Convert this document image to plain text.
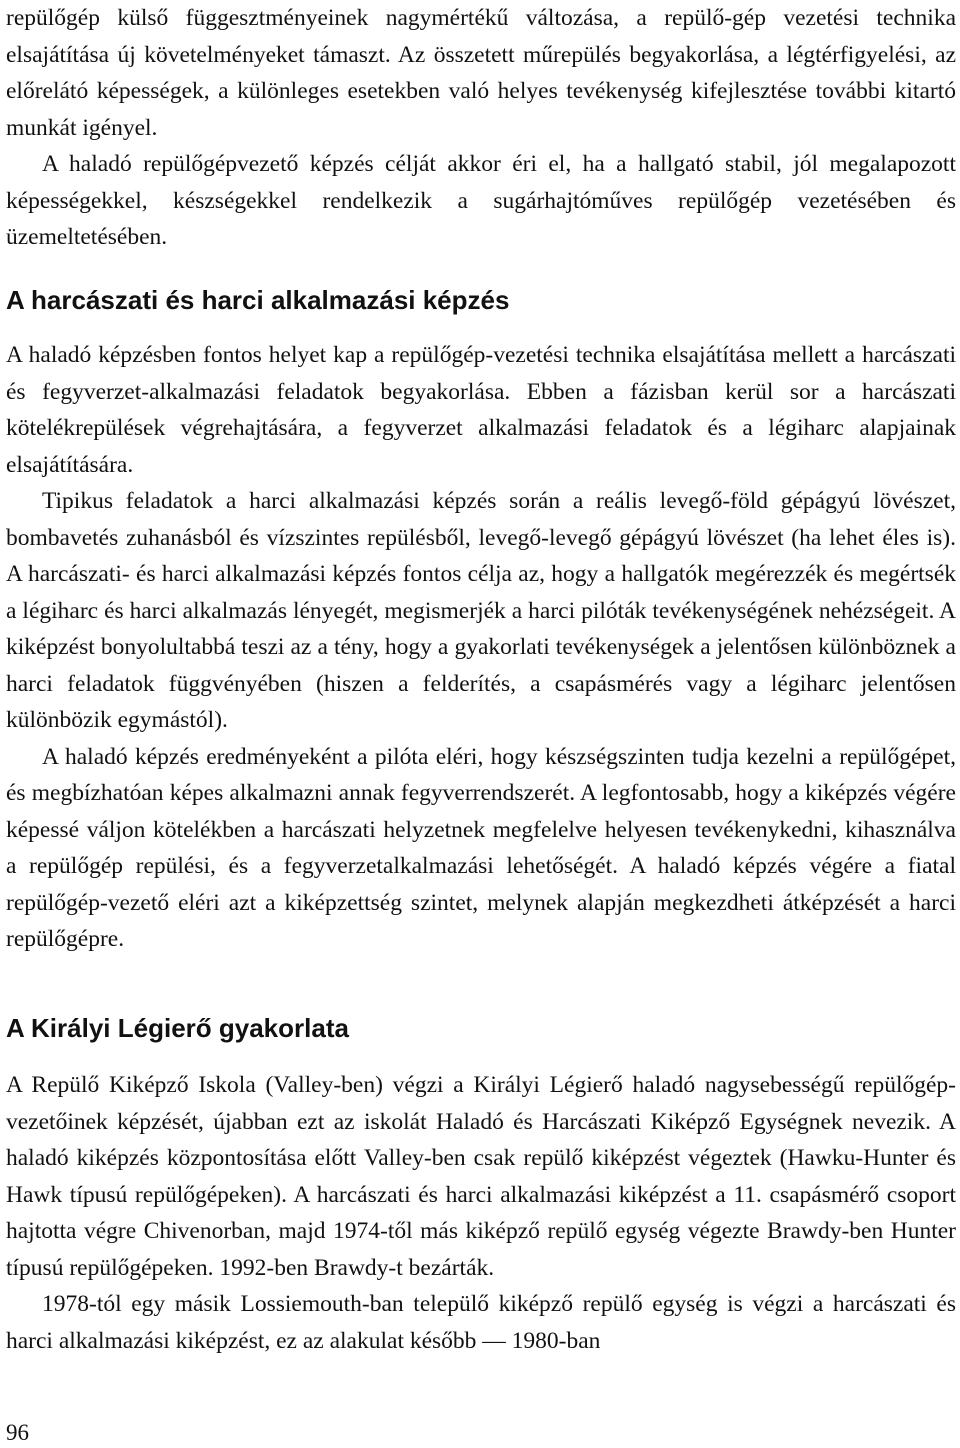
repülőgép külső függesztményeinek nagymértékű változása, a repülő-gép vezetési technika elsajátítása új követelményeket támaszt. Az összetett műrepülés begyakorlása, a légtérfigyelési, az előrelátó képességek, a különleges esetekben való helyes tevékenység kifejlesztése további kitartó munkát igényel.
A haladó repülőgépvezető képzés célját akkor éri el, ha a hallgató stabil, jól megalapozott képességekkel, készségekkel rendelkezik a sugárhajtóműves repülőgép vezetésében és üzemeltetésében.

A harcászati és harci alkalmazási képzés

A haladó képzésben fontos helyet kap a repülőgép-vezetési technika elsajátítása mellett a harcászati és fegyverzet-alkalmazási feladatok begyakorlása. Ebben a fázisban kerül sor a harcászati kötelékrepülések végrehajtására, a fegyverzet alkalmazási feladatok és a légiharc alapjainak elsajátítására.
Tipikus feladatok a harci alkalmazási képzés során a reális levegő-föld gépágyú lövészet, bombavetés zuhanásból és vízszintes repülésből, levegő-levegő gépágyú lövészet (ha lehet éles is). A harcászati- és harci alkalmazási képzés fontos célja az, hogy a hallgatók megérezzék és megértsék a légiharc és harci alkalmazás lényegét, megismerjék a harci pilóták tevékenységének nehézségeit. A kiképzést bonyolultabbá teszi az a tény, hogy a gyakorlati tevékenységek a jelentősen különböznek a harci feladatok függvényében (hiszen a felderítés, a csapásmérés vagy a légiharc jelentősen különbözik egymástól).
A haladó képzés eredményeként a pilóta eléri, hogy készségszinten tudja kezelni a repülőgépet, és megbízhatóan képes alkalmazni annak fegyverrendszerét. A legfontosabb, hogy a kiképzés végére képessé váljon kötelékben a harcászati helyzetnek megfelelve helyesen tevékenykedni, kihasználva a repülőgép repülési, és a fegyverzetalkalmazási lehetőségét. A haladó képzés végére a fiatal repülőgép-vezető eléri azt a kiképzettség szintet, melynek alapján megkezdheti átképzését a harci repülőgépre.

A Királyi Légierő gyakorlata

A Repülő Kiképző Iskola (Valley-ben) végzi a Királyi Légierő haladó nagysebességű repülőgép-vezetőinek képzését, újabban ezt az iskolát Haladó és Harcászati Kiképző Egységnek nevezik. A haladó kiképzés központosítása előtt Valley-ben csak repülő kiképzést végeztek (Hawku-Hunter és Hawk típusú repülőgépeken). A harcászati és harci alkalmazási kiképzést a 11. csapásmérő csoport hajtotta végre Chivenorban, majd 1974-től más kiképző repülő egység végezte Brawdy-ben Hunter típusú repülőgépeken. 1992-ben Brawdy-t bezárták.
1978-tól egy másik Lossiemouth-ban települő kiképző repülő egység is végzi a harcászati és harci alkalmazási kiképzést, ez az alakulat később — 1980-ban

96
